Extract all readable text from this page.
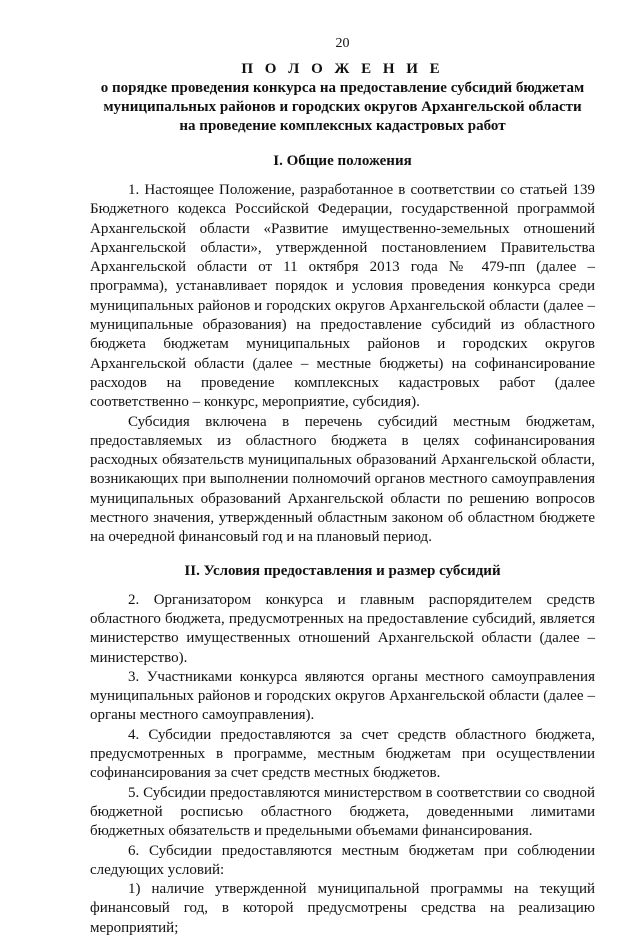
20
П О Л О Ж Е Н И Е

о порядке проведения конкурса на предоставление субсидий бюджетам

муниципальных районов и городских округов Архангельской области

на проведение комплексных кадастровых работ

I. Общие положения

1. Настоящее Положение, разработанное в соответствии со статьей 139 Бюджетного кодекса Российской Федерации, государственной программой Архангельской области «Развитие имущественно-земельных отношений Архангельской области», утвержденной постановлением Правительства Архангельской области от 11 октября 2013 года № 479-пп (далее – программа), устанавливает порядок и условия проведения конкурса среди муниципальных районов и городских округов Архангельской области (далее – муниципальные образования) на предоставление субсидий из областного бюджета бюджетам муниципальных районов и городских округов Архангельской области (далее – местные бюджеты) на софинансирование расходов на проведение комплексных кадастровых работ (далее соответственно – конкурс, мероприятие, субсидия).

Субсидия включена в перечень субсидий местным бюджетам, предоставляемых из областного бюджета в целях софинансирования расходных обязательств муниципальных образований Архангельской области, возникающих при выполнении полномочий органов местного самоуправления муниципальных образований Архангельской области по решению вопросов местного значения, утвержденный областным законом об областном бюджете на очередной финансовый год и на плановый период.

II. Условия предоставления и размер субсидий

2. Организатором конкурса и главным распорядителем средств областного бюджета, предусмотренных на предоставление субсидий, является министерство имущественных отношений Архангельской области (далее – министерство).

3. Участниками конкурса являются органы местного самоуправления муниципальных районов и городских округов Архангельской области (далее – органы местного самоуправления).

4. Субсидии предоставляются за счет средств областного бюджета, предусмотренных в программе, местным бюджетам при осуществлении софинансирования за счет средств местных бюджетов.

5. Субсидии предоставляются министерством в соответствии со сводной бюджетной росписью областного бюджета, доведенными лимитами бюджетных обязательств и предельными объемами финансирования.

6. Субсидии предоставляются местным бюджетам при соблюдении следующих условий:

1) наличие утвержденной муниципальной программы на текущий финансовый год, в которой предусмотрены средства на реализацию мероприятий;
